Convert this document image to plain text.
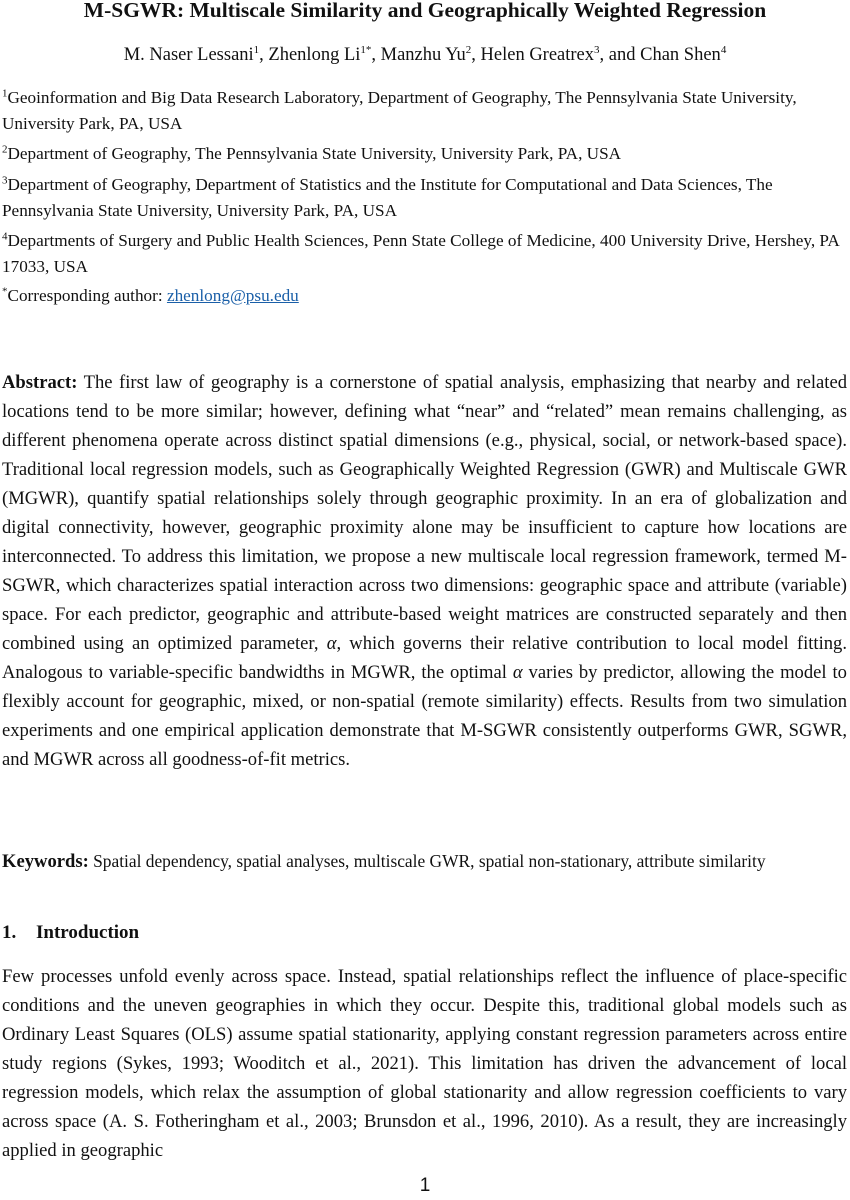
M-SGWR: Multiscale Similarity and Geographically Weighted Regression
M. Naser Lessani$^1$, Zhenlong $Li^{1*}$, Manzhu Yu$^2$, Helen Greatrex$^3$, and Chan Shen$^4$
$^1$Geoinformation and Big Data Research Laboratory, Department of Geography, The Pennsylvania State University, University Park, PA, USA
$^2$Department of Geography, The Pennsylvania State University, University Park, PA, USA
$^3$Department of Geography, Department of Statistics and the Institute for Computational and Data Sciences, The Pennsylvania State University, University Park, PA, USA
$^4$Departments of Surgery and Public Health Sciences, Penn State College of Medicine, 400 University Drive, Hershey, PA 17033, USA
*Corresponding author: zhenlong@psu.edu
Abstract: The first law of geography is a cornerstone of spatial analysis, emphasizing that nearby and related locations tend to be more similar; however, defining what “near” and “related” mean remains challenging, as different phenomena operate across distinct spatial dimensions (e.g., physical, social, or network-based space). Traditional local regression models, such as Geographically Weighted Regression (GWR) and Multiscale GWR (MGWR), quantify spatial relationships solely through geographic proximity. In an era of globalization and digital connectivity, however, geographic proximity alone may be insufficient to capture how locations are interconnected. To address this limitation, we propose a new multiscale local regression framework, termed M-SGWR, which characterizes spatial interaction across two dimensions: geographic space and attribute (variable) space. For each predictor, geographic and attribute-based weight matrices are constructed separately and then combined using an optimized parameter, α, which governs their relative contribution to local model fitting. Analogous to variable-specific bandwidths in MGWR, the optimal α varies by predictor, allowing the model to flexibly account for geographic, mixed, or non-spatial (remote similarity) effects. Results from two simulation experiments and one empirical application demonstrate that M-SGWR consistently outperforms GWR, SGWR, and MGWR across all goodness-of-fit metrics.
Keywords: Spatial dependency, spatial analyses, multiscale GWR, spatial non-stationary, attribute similarity
1. Introduction
Few processes unfold evenly across space. Instead, spatial relationships reflect the influence of place-specific conditions and the uneven geographies in which they occur. Despite this, traditional global models such as Ordinary Least Squares (OLS) assume spatial stationarity, applying constant regression parameters across entire study regions (Sykes, 1993; Wooditch et al., 2021). This limitation has driven the advancement of local regression models, which relax the assumption of global stationarity and allow regression coefficients to vary across space (A. S. Fotheringham et al., 2003; Brunsdon et al., 1996, 2010). As a result, they are increasingly applied in geographic
1
